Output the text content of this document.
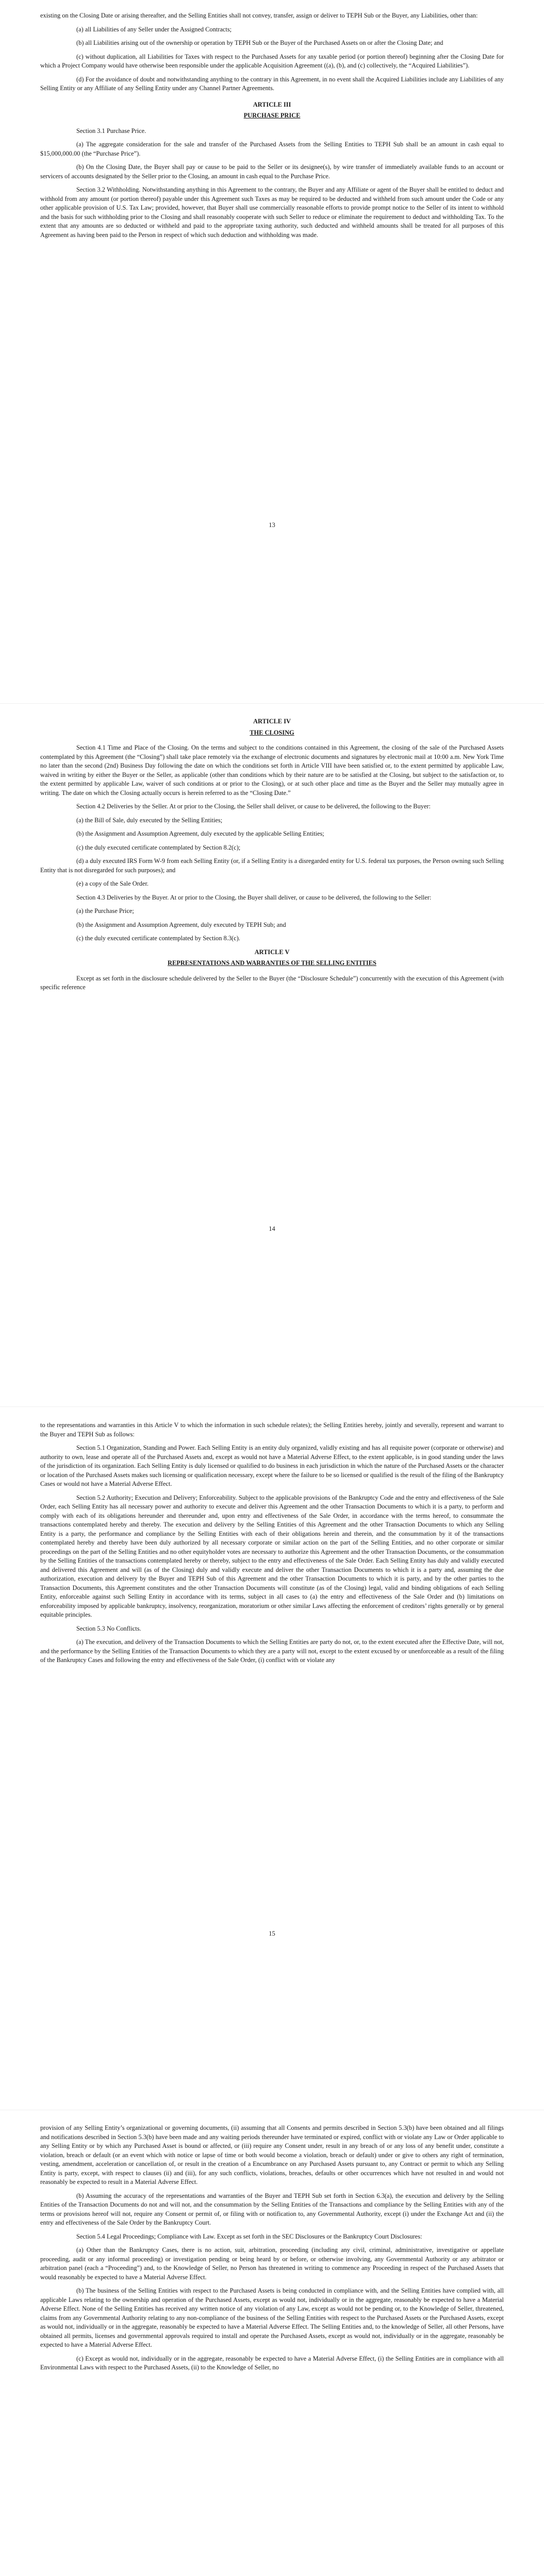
existing on the Closing Date or arising thereafter, and the Selling Entities shall not convey, transfer, assign or deliver to TEPH Sub or the Buyer, any Liabilities, other than:

(a) all Liabilities of any Seller under the Assigned Contracts;

(b) all Liabilities arising out of the ownership or operation by TEPH Sub or the Buyer of the Purchased Assets on or after the Closing Date; and

(c) without duplication, all Liabilities for Taxes with respect to the Purchased Assets for any taxable period (or portion thereof) beginning after the Closing Date for which a Project Company would have otherwise been responsible under the applicable Acquisition Agreement ((a), (b), and (c) collectively, the “Acquired Liabilities”).

(d) For the avoidance of doubt and notwithstanding anything to the contrary in this Agreement, in no event shall the Acquired Liabilities include any Liabilities of any Selling Entity or any Affiliate of any Selling Entity under any Channel Partner Agreements.

ARTICLE III

PURCHASE PRICE

Section 3.1 Purchase Price.

(a) The aggregate consideration for the sale and transfer of the Purchased Assets from the Selling Entities to TEPH Sub shall be an amount in cash equal to $15,000,000.00 (the “Purchase Price”).

(b) On the Closing Date, the Buyer shall pay or cause to be paid to the Seller or its designee(s), by wire transfer of immediately available funds to an account or servicers of accounts designated by the Seller prior to the Closing, an amount in cash equal to the Purchase Price.

Section 3.2 Withholding. Notwithstanding anything in this Agreement to the contrary, the Buyer and any Affiliate or agent of the Buyer shall be entitled to deduct and withhold from any amount (or portion thereof) payable under this Agreement such Taxes as may be required to be deducted and withheld from such amount under the Code or any other applicable provision of U.S. Tax Law; provided, however, that Buyer shall use commercially reasonable efforts to provide prompt notice to the Seller of its intent to withhold and the basis for such withholding prior to the Closing and shall reasonably cooperate with such Seller to reduce or eliminate the requirement to deduct and withholding Tax. To the extent that any amounts are so deducted or withheld and paid to the appropriate taxing authority, such deducted and withheld amounts shall be treated for all purposes of this Agreement as having been paid to the Person in respect of which such deduction and withholding was made.

13

ARTICLE IV

THE CLOSING

Section 4.1 Time and Place of the Closing. On the terms and subject to the conditions contained in this Agreement, the closing of the sale of the Purchased Assets contemplated by this Agreement (the “Closing”) shall take place remotely via the exchange of electronic documents and signatures by electronic mail at 10:00 a.m. New York Time no later than the second (2nd) Business Day following the date on which the conditions set forth in Article VIII have been satisfied or, to the extent permitted by applicable Law, waived in writing by either the Buyer or the Seller, as applicable (other than conditions which by their nature are to be satisfied at the Closing, but subject to the satisfaction or, to the extent permitted by applicable Law, waiver of such conditions at or prior to the Closing), or at such other place and time as the Buyer and the Seller may mutually agree in writing. The date on which the Closing actually occurs is herein referred to as the “Closing Date.”

Section 4.2 Deliveries by the Seller. At or prior to the Closing, the Seller shall deliver, or cause to be delivered, the following to the Buyer:

(a) the Bill of Sale, duly executed by the Selling Entities;

(b) the Assignment and Assumption Agreement, duly executed by the applicable Selling Entities;

(c) the duly executed certificate contemplated by Section 8.2(c);

(d) a duly executed IRS Form W-9 from each Selling Entity (or, if a Selling Entity is a disregarded entity for U.S. federal tax purposes, the Person owning such Selling Entity that is not disregarded for such purposes); and

(e) a copy of the Sale Order.

Section 4.3 Deliveries by the Buyer. At or prior to the Closing, the Buyer shall deliver, or cause to be delivered, the following to the Seller:

(a) the Purchase Price;

(b) the Assignment and Assumption Agreement, duly executed by TEPH Sub; and

(c) the duly executed certificate contemplated by Section 8.3(c).

ARTICLE V

REPRESENTATIONS AND WARRANTIES OF THE SELLING ENTITIES

Except as set forth in the disclosure schedule delivered by the Seller to the Buyer (the “Disclosure Schedule”) concurrently with the execution of this Agreement (with specific reference

14

to the representations and warranties in this Article V to which the information in such schedule relates); the Selling Entities hereby, jointly and severally, represent and warrant to the Buyer and TEPH Sub as follows:

Section 5.1 Organization, Standing and Power. Each Selling Entity is an entity duly organized, validly existing and has all requisite power (corporate or otherwise) and authority to own, lease and operate all of the Purchased Assets and, except as would not have a Material Adverse Effect, to the extent applicable, is in good standing under the laws of the jurisdiction of its organization. Each Selling Entity is duly licensed or qualified to do business in each jurisdiction in which the nature of the Purchased Assets or the character or location of the Purchased Assets makes such licensing or qualification necessary, except where the failure to be so licensed or qualified is the result of the filing of the Bankruptcy Cases or would not have a Material Adverse Effect.

Section 5.2 Authority; Execution and Delivery; Enforceability. Subject to the applicable provisions of the Bankruptcy Code and the entry and effectiveness of the Sale Order, each Selling Entity has all necessary power and authority to execute and deliver this Agreement and the other Transaction Documents to which it is a party, to perform and comply with each of its obligations hereunder and thereunder and, upon entry and effectiveness of the Sale Order, in accordance with the terms hereof, to consummate the transactions contemplated hereby and thereby. The execution and delivery by the Selling Entities of this Agreement and the other Transaction Documents to which any Selling Entity is a party, the performance and compliance by the Selling Entities with each of their obligations herein and therein, and the consummation by it of the transactions contemplated hereby and thereby have been duly authorized by all necessary corporate or similar action on the part of the Selling Entities, and no other corporate or similar proceedings on the part of the Selling Entities and no other equityholder votes are necessary to authorize this Agreement and the other Transaction Documents, or the consummation by the Selling Entities of the transactions contemplated hereby or thereby, subject to the entry and effectiveness of the Sale Order. Each Selling Entity has duly and validly executed and delivered this Agreement and will (as of the Closing) duly and validly execute and deliver the other Transaction Documents to which it is a party and, assuming the due authorization, execution and delivery by the Buyer and TEPH Sub of this Agreement and the other Transaction Documents to which it is party, and by the other parties to the Transaction Documents, this Agreement constitutes and the other Transaction Documents will constitute (as of the Closing) legal, valid and binding obligations of each Selling Entity, enforceable against such Selling Entity in accordance with its terms, subject in all cases to (a) the entry and effectiveness of the Sale Order and (b) limitations on enforceability imposed by applicable bankruptcy, insolvency, reorganization, moratorium or other similar Laws affecting the enforcement of creditors’ rights generally or by general equitable principles.

Section 5.3 No Conflicts.

(a) The execution, and delivery of the Transaction Documents to which the Selling Entities are party do not, or, to the extent executed after the Effective Date, will not, and the performance by the Selling Entities of the Transaction Documents to which they are a party will not, except to the extent excused by or unenforceable as a result of the filing of the Bankruptcy Cases and following the entry and effectiveness of the Sale Order, (i) conflict with or violate any

15

provision of any Selling Entity’s organizational or governing documents, (ii) assuming that all Consents and permits described in Section 5.3(b) have been obtained and all filings and notifications described in Section 5.3(b) have been made and any waiting periods thereunder have terminated or expired, conflict with or violate any Law or Order applicable to any Selling Entity or by which any Purchased Asset is bound or affected, or (iii) require any Consent under, result in any breach of or any loss of any benefit under, constitute a violation, breach or default (or an event which with notice or lapse of time or both would become a violation, breach or default) under or give to others any right of termination, vesting, amendment, acceleration or cancellation of, or result in the creation of a Encumbrance on any Purchased Assets pursuant to, any Contract or permit to which any Selling Entity is party, except, with respect to clauses (ii) and (iii), for any such conflicts, violations, breaches, defaults or other occurrences which have not resulted in and would not reasonably be expected to result in a Material Adverse Effect.

(b) Assuming the accuracy of the representations and warranties of the Buyer and TEPH Sub set forth in Section 6.3(a), the execution and delivery by the Selling Entities of the Transaction Documents do not and will not, and the consummation by the Selling Entities of the Transactions and compliance by the Selling Entities with any of the terms or provisions hereof will not, require any Consent or permit of, or filing with or notification to, any Governmental Authority, except (i) under the Exchange Act and (ii) the entry and effectiveness of the Sale Order by the Bankruptcy Court.

Section 5.4 Legal Proceedings; Compliance with Law. Except as set forth in the SEC Disclosures or the Bankruptcy Court Disclosures:

(a) Other than the Bankruptcy Cases, there is no action, suit, arbitration, proceeding (including any civil, criminal, administrative, investigative or appellate proceeding, audit or any informal proceeding) or investigation pending or being heard by or before, or otherwise involving, any Governmental Authority or any arbitrator or arbitration panel (each a “Proceeding”) and, to the Knowledge of Seller, no Person has threatened in writing to commence any Proceeding in respect of the Purchased Assets that would reasonably be expected to have a Material Adverse Effect.

(b) The business of the Selling Entities with respect to the Purchased Assets is being conducted in compliance with, and the Selling Entities have complied with, all applicable Laws relating to the ownership and operation of the Purchased Assets, except as would not, individually or in the aggregate, reasonably be expected to have a Material Adverse Effect. None of the Selling Entities has received any written notice of any violation of any Law, except as would not be pending or, to the Knowledge of Seller, threatened, claims from any Governmental Authority relating to any non-compliance of the business of the Selling Entities with respect to the Purchased Assets or the Purchased Assets, except as would not, individually or in the aggregate, reasonably be expected to have a Material Adverse Effect. The Selling Entities and, to the knowledge of Seller, all other Persons, have obtained all permits, licenses and governmental approvals required to install and operate the Purchased Assets, except as would not, individually or in the aggregate, reasonably be expected to have a Material Adverse Effect.

(c) Except as would not, individually or in the aggregate, reasonably be expected to have a Material Adverse Effect, (i) the Selling Entities are in compliance with all Environmental Laws with respect to the Purchased Assets, (ii) to the Knowledge of Seller, no
